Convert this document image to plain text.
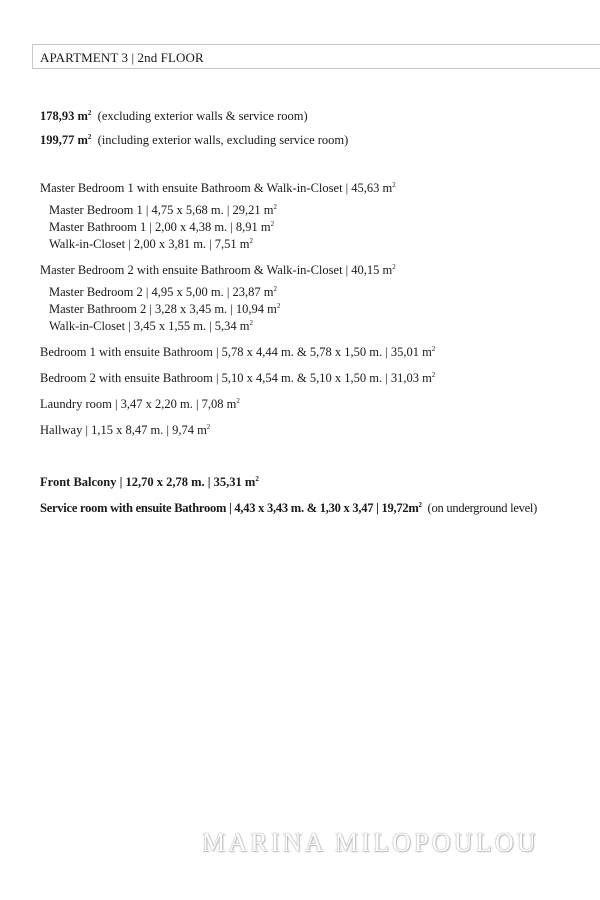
APARTMENT 3 | 2nd FLOOR
178,93 $m^2$ (excluding exterior walls & service room)
199,77 $m^2$ (including exterior walls, excluding service room)
Master Bedroom 1 with ensuite Bathroom & Walk-in-Closet | 45,63 $m^2$
Master Bedroom 1 | 4,75 x 5,68 m. | 29,21 $m^2$
Master Bathroom 1 | 2,00 x 4,38 m. | 8,91 $m^2$
Walk-in-Closet | 2,00 x 3,81 m. | 7,51 $m^2$
Master Bedroom 2 with ensuite Bathroom & Walk-in-Closet | 40,15 $m^2$
Master Bedroom 2 | 4,95 x 5,00 m. | 23,87 $m^2$
Master Bathroom 2 | 3,28 x 3,45 m. | 10,94 $m^2$
Walk-in-Closet | 3,45 x 1,55 m. | 5,34 $m^2$
Bedroom 1 with ensuite Bathroom | 5,78 x 4,44 m. & 5,78 x 1,50 m. | 35,01 $m^2$
Bedroom 2 with ensuite Bathroom | 5,10 x 4,54 m. & 5,10 x 1,50 m. | 31,03 $m^2$
Laundry room | 3,47 x 2,20 m. | 7,08 $m^2$
Hallway | 1,15 x 8,47 m. | 9,74 $m^2$
Front Balcony | 12,70 x 2,78 m. | 35,31 $m^2$
Service room with ensuite Bathroom | 4,43 x 3,43 m. & 1,30 x 3,47 | $19,72m^2$ (on underground level)
MARINA MILOPOULOU
